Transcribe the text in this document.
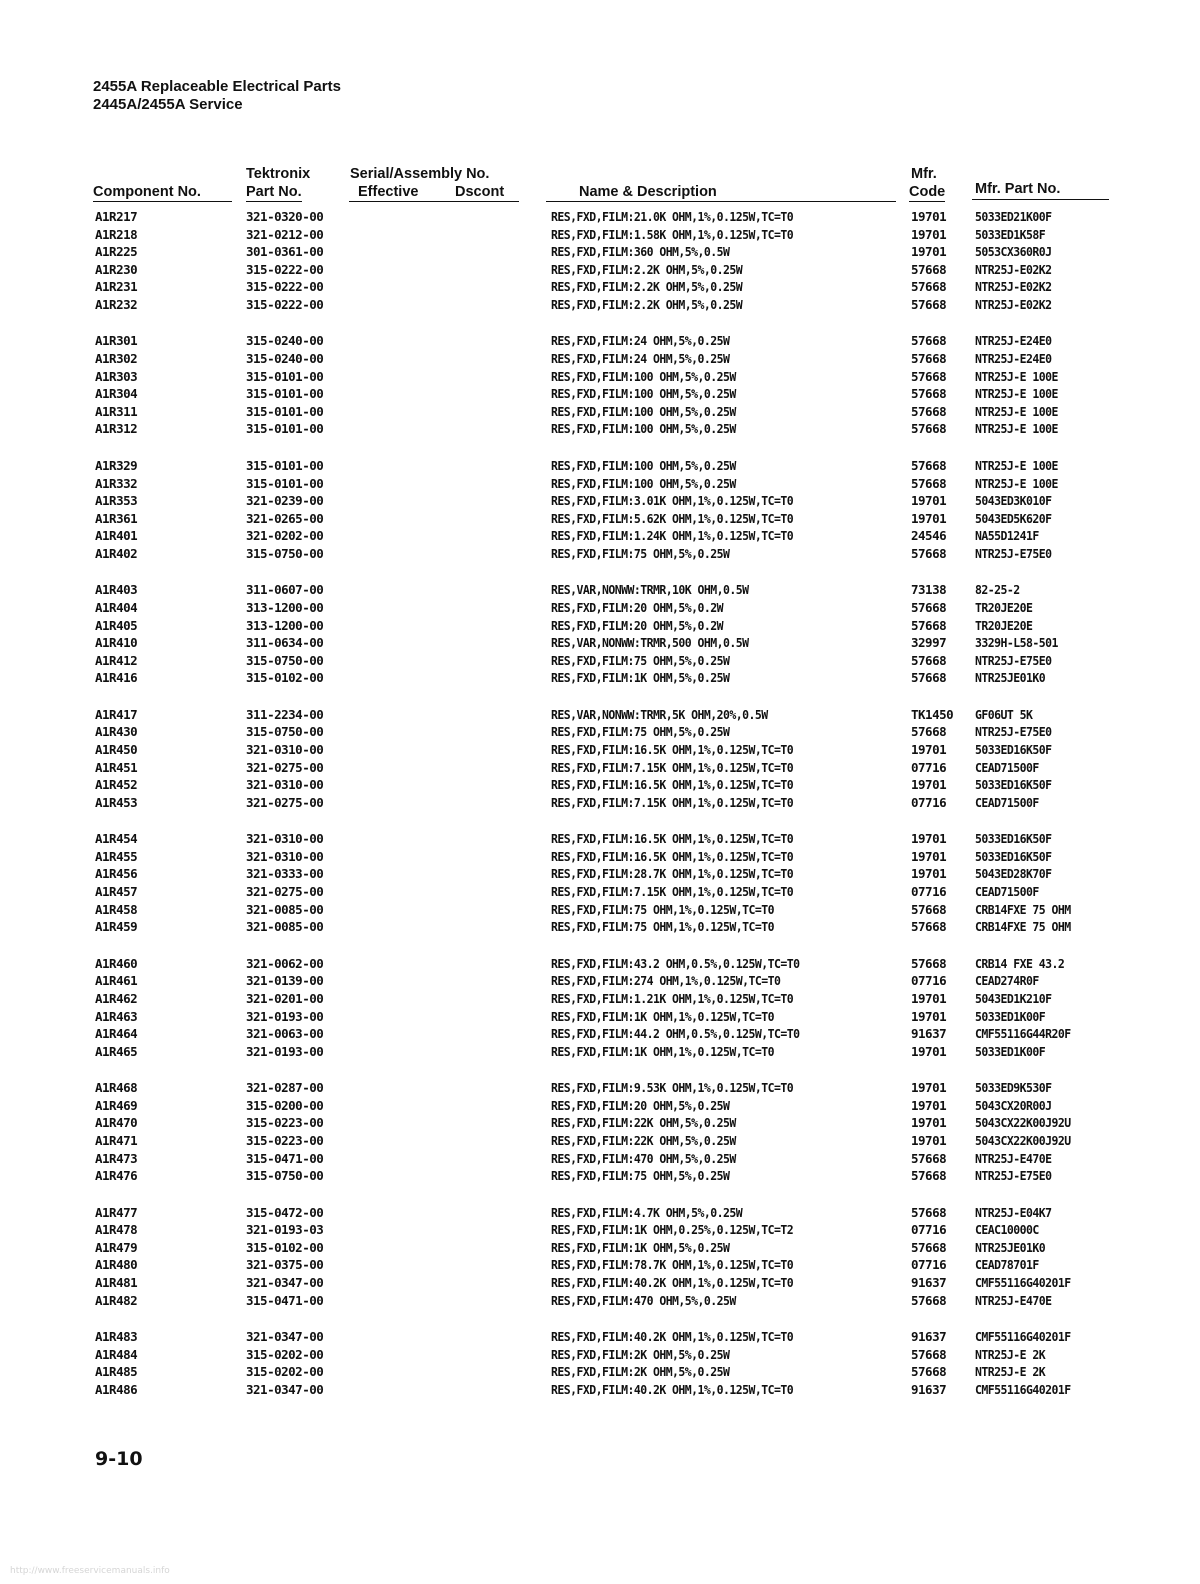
2455A Replaceable Electrical Parts
2445A/2455A Service
Tektronix	Serial/Assembly No.	Mfr.
Component No.	Part No.	Effective	Dscont	Name & Description	Code Mfr. Part No.
A1R217	321-0320-00	RES,FXD,FILM:21.0K OHM,1%,0.125W,TC=T0	19701 5033ED21K00F
A1R218	321-0212-00	RES,FXD,FILM:1.58K OHM,1%,0.125W,TC=T0	19701 5033ED1K58F
A1R225	301-0361-00	RES,FXD,FILM:360 OHM,5%,0.5W	19701 5053CX360R0J
A1R230	315-0222-00	RES,FXD,FILM:2.2K OHM,5%,0.25W	57668 NTR25J-E02K2
A1R231	315-0222-00	RES,FXD,FILM:2.2K OHM,5%,0.25W	57668 NTR25J-E02K2
A1R232	315-0222-00	RES,FXD,FILM:2.2K OHM,5%,0.25W	57668 NTR25J-E02K2
A1R301	315-0240-00	RES,FXD,FILM:24 OHM,5%,0.25W	57668 NTR25J-E24E0
A1R302	315-0240-00	RES,FXD,FILM:24 OHM,5%,0.25W	57668 NTR25J-E24E0
A1R303	315-0101-00	RES,FXD,FILM:100 OHM,5%,0.25W	57668 NTR25J-E 100E
A1R304	315-0101-00	RES,FXD,FILM:100 OHM,5%,0.25W	57668 NTR25J-E 100E
A1R311	315-0101-00	RES,FXD,FILM:100 OHM,5%,0.25W	57668 NTR25J-E 100E
A1R312	315-0101-00	RES,FXD,FILM:100 OHM,5%,0.25W	57668 NTR25J-E 100E
A1R329	315-0101-00	RES,FXD,FILM:100 OHM,5%,0.25W	57668 NTR25J-E 100E
A1R332	315-0101-00	RES,FXD,FILM:100 OHM,5%,0.25W	57668 NTR25J-E 100E
A1R353	321-0239-00	RES,FXD,FILM:3.01K OHM,1%,0.125W,TC=T0	19701 5043ED3K010F
A1R361	321-0265-00	RES,FXD,FILM:5.62K OHM,1%,0.125W,TC=T0	19701 5043ED5K620F
A1R401	321-0202-00	RES,FXD,FILM:1.24K OHM,1%,0.125W,TC=T0	24546 NA55D1241F
A1R402	315-0750-00	RES,FXD,FILM:75 OHM,5%,0.25W	57668 NTR25J-E75E0
A1R403	311-0607-00	RES,VAR,NONWW:TRMR,10K OHM,0.5W	73138 82-25-2
A1R404	313-1200-00	RES,FXD,FILM:20 OHM,5%,0.2W	57668 TR20JE20E
A1R405	313-1200-00	RES,FXD,FILM:20 OHM,5%,0.2W	57668 TR20JE20E
A1R410	311-0634-00	RES,VAR,NONWW:TRMR,500 OHM,0.5W	32997 3329H-L58-501
A1R412	315-0750-00	RES,FXD,FILM:75 OHM,5%,0.25W	57668 NTR25J-E75E0
A1R416	315-0102-00	RES,FXD,FILM:1K OHM,5%,0.25W	57668 NTR25JE01K0
A1R417	311-2234-00	RES,VAR,NONWW:TRMR,5K OHM,20%,0.5W	TK1450 GF06UT 5K
A1R430	315-0750-00	RES,FXD,FILM:75 OHM,5%,0.25W	57668 NTR25J-E75E0
A1R450	321-0310-00	RES,FXD,FILM:16.5K OHM,1%,0.125W,TC=T0	19701 5033ED16K50F
A1R451	321-0275-00	RES,FXD,FILM:7.15K OHM,1%,0.125W,TC=T0	07716 CEAD71500F
A1R452	321-0310-00	RES,FXD,FILM:16.5K OHM,1%,0.125W,TC=T0	19701 5033ED16K50F
A1R453	321-0275-00	RES,FXD,FILM:7.15K OHM,1%,0.125W,TC=T0	07716 CEAD71500F
A1R454	321-0310-00	RES,FXD,FILM:16.5K OHM,1%,0.125W,TC=T0	19701 5033ED16K50F
A1R455	321-0310-00	RES,FXD,FILM:16.5K OHM,1%,0.125W,TC=T0	19701 5033ED16K50F
A1R456	321-0333-00	RES,FXD,FILM:28.7K OHM,1%,0.125W,TC=T0	19701 5043ED28K70F
A1R457	321-0275-00	RES,FXD,FILM:7.15K OHM,1%,0.125W,TC=T0	07716 CEAD71500F
A1R458	321-0085-00	RES,FXD,FILM:75 OHM,1%,0.125W,TC=T0	57668 CRB14FXE 75 OHM
A1R459	321-0085-00	RES,FXD,FILM:75 OHM,1%,0.125W,TC=T0	57668 CRB14FXE 75 OHM
A1R460	321-0062-00	RES,FXD,FILM:43.2 OHM,0.5%,0.125W,TC=T0	57668 CRB14 FXE 43.2
A1R461	321-0139-00	RES,FXD,FILM:274 OHM,1%,0.125W,TC=T0	07716 CEAD274R0F
A1R462	321-0201-00	RES,FXD,FILM:1.21K OHM,1%,0.125W,TC=T0	19701 5043ED1K210F
A1R463	321-0193-00	RES,FXD,FILM:1K OHM,1%,0.125W,TC=T0	19701 5033ED1K00F
A1R464	321-0063-00	RES,FXD,FILM:44.2 OHM,0.5%,0.125W,TC=T0	91637 CMF55116G44R20F
A1R465	321-0193-00	RES,FXD,FILM:1K OHM,1%,0.125W,TC=T0	19701 5033ED1K00F
A1R468	321-0287-00	RES,FXD,FILM:9.53K OHM,1%,0.125W,TC=T0	19701 5033ED9K530F
A1R469	315-0200-00	RES,FXD,FILM:20 OHM,5%,0.25W	19701 5043CX20R00J
A1R470	315-0223-00	RES,FXD,FILM:22K OHM,5%,0.25W	19701 5043CX22K00J92U
A1R471	315-0223-00	RES,FXD,FILM:22K OHM,5%,0.25W	19701 5043CX22K00J92U
A1R473	315-0471-00	RES,FXD,FILM:470 OHM,5%,0.25W	57668 NTR25J-E470E
A1R476	315-0750-00	RES,FXD,FILM:75 OHM,5%,0.25W	57668 NTR25J-E75E0
A1R477	315-0472-00	RES,FXD,FILM:4.7K OHM,5%,0.25W	57668 NTR25J-E04K7
A1R478	321-0193-03	RES,FXD,FILM:1K OHM,0.25%,0.125W,TC=T2	07716 CEAC10000C
A1R479	315-0102-00	RES,FXD,FILM:1K OHM,5%,0.25W	57668 NTR25JE01K0
A1R480	321-0375-00	RES,FXD,FILM:78.7K OHM,1%,0.125W,TC=T0	07716 CEAD78701F
A1R481	321-0347-00	RES,FXD,FILM:40.2K OHM,1%,0.125W,TC=T0	91637 CMF55116G40201F
A1R482	315-0471-00	RES,FXD,FILM:470 OHM,5%,0.25W	57668 NTR25J-E470E
A1R483	321-0347-00	RES,FXD,FILM:40.2K OHM,1%,0.125W,TC=T0	91637 CMF55116G40201F
A1R484	315-0202-00	RES,FXD,FILM:2K OHM,5%,0.25W	57668 NTR25J-E 2K
A1R485	315-0202-00	RES,FXD,FILM:2K OHM,5%,0.25W	57668 NTR25J-E 2K
A1R486	321-0347-00	RES,FXD,FILM:40.2K OHM,1%,0.125W,TC=T0	91637 CMF55116G40201F
9-10
http://www.freeservicemanuals.info
